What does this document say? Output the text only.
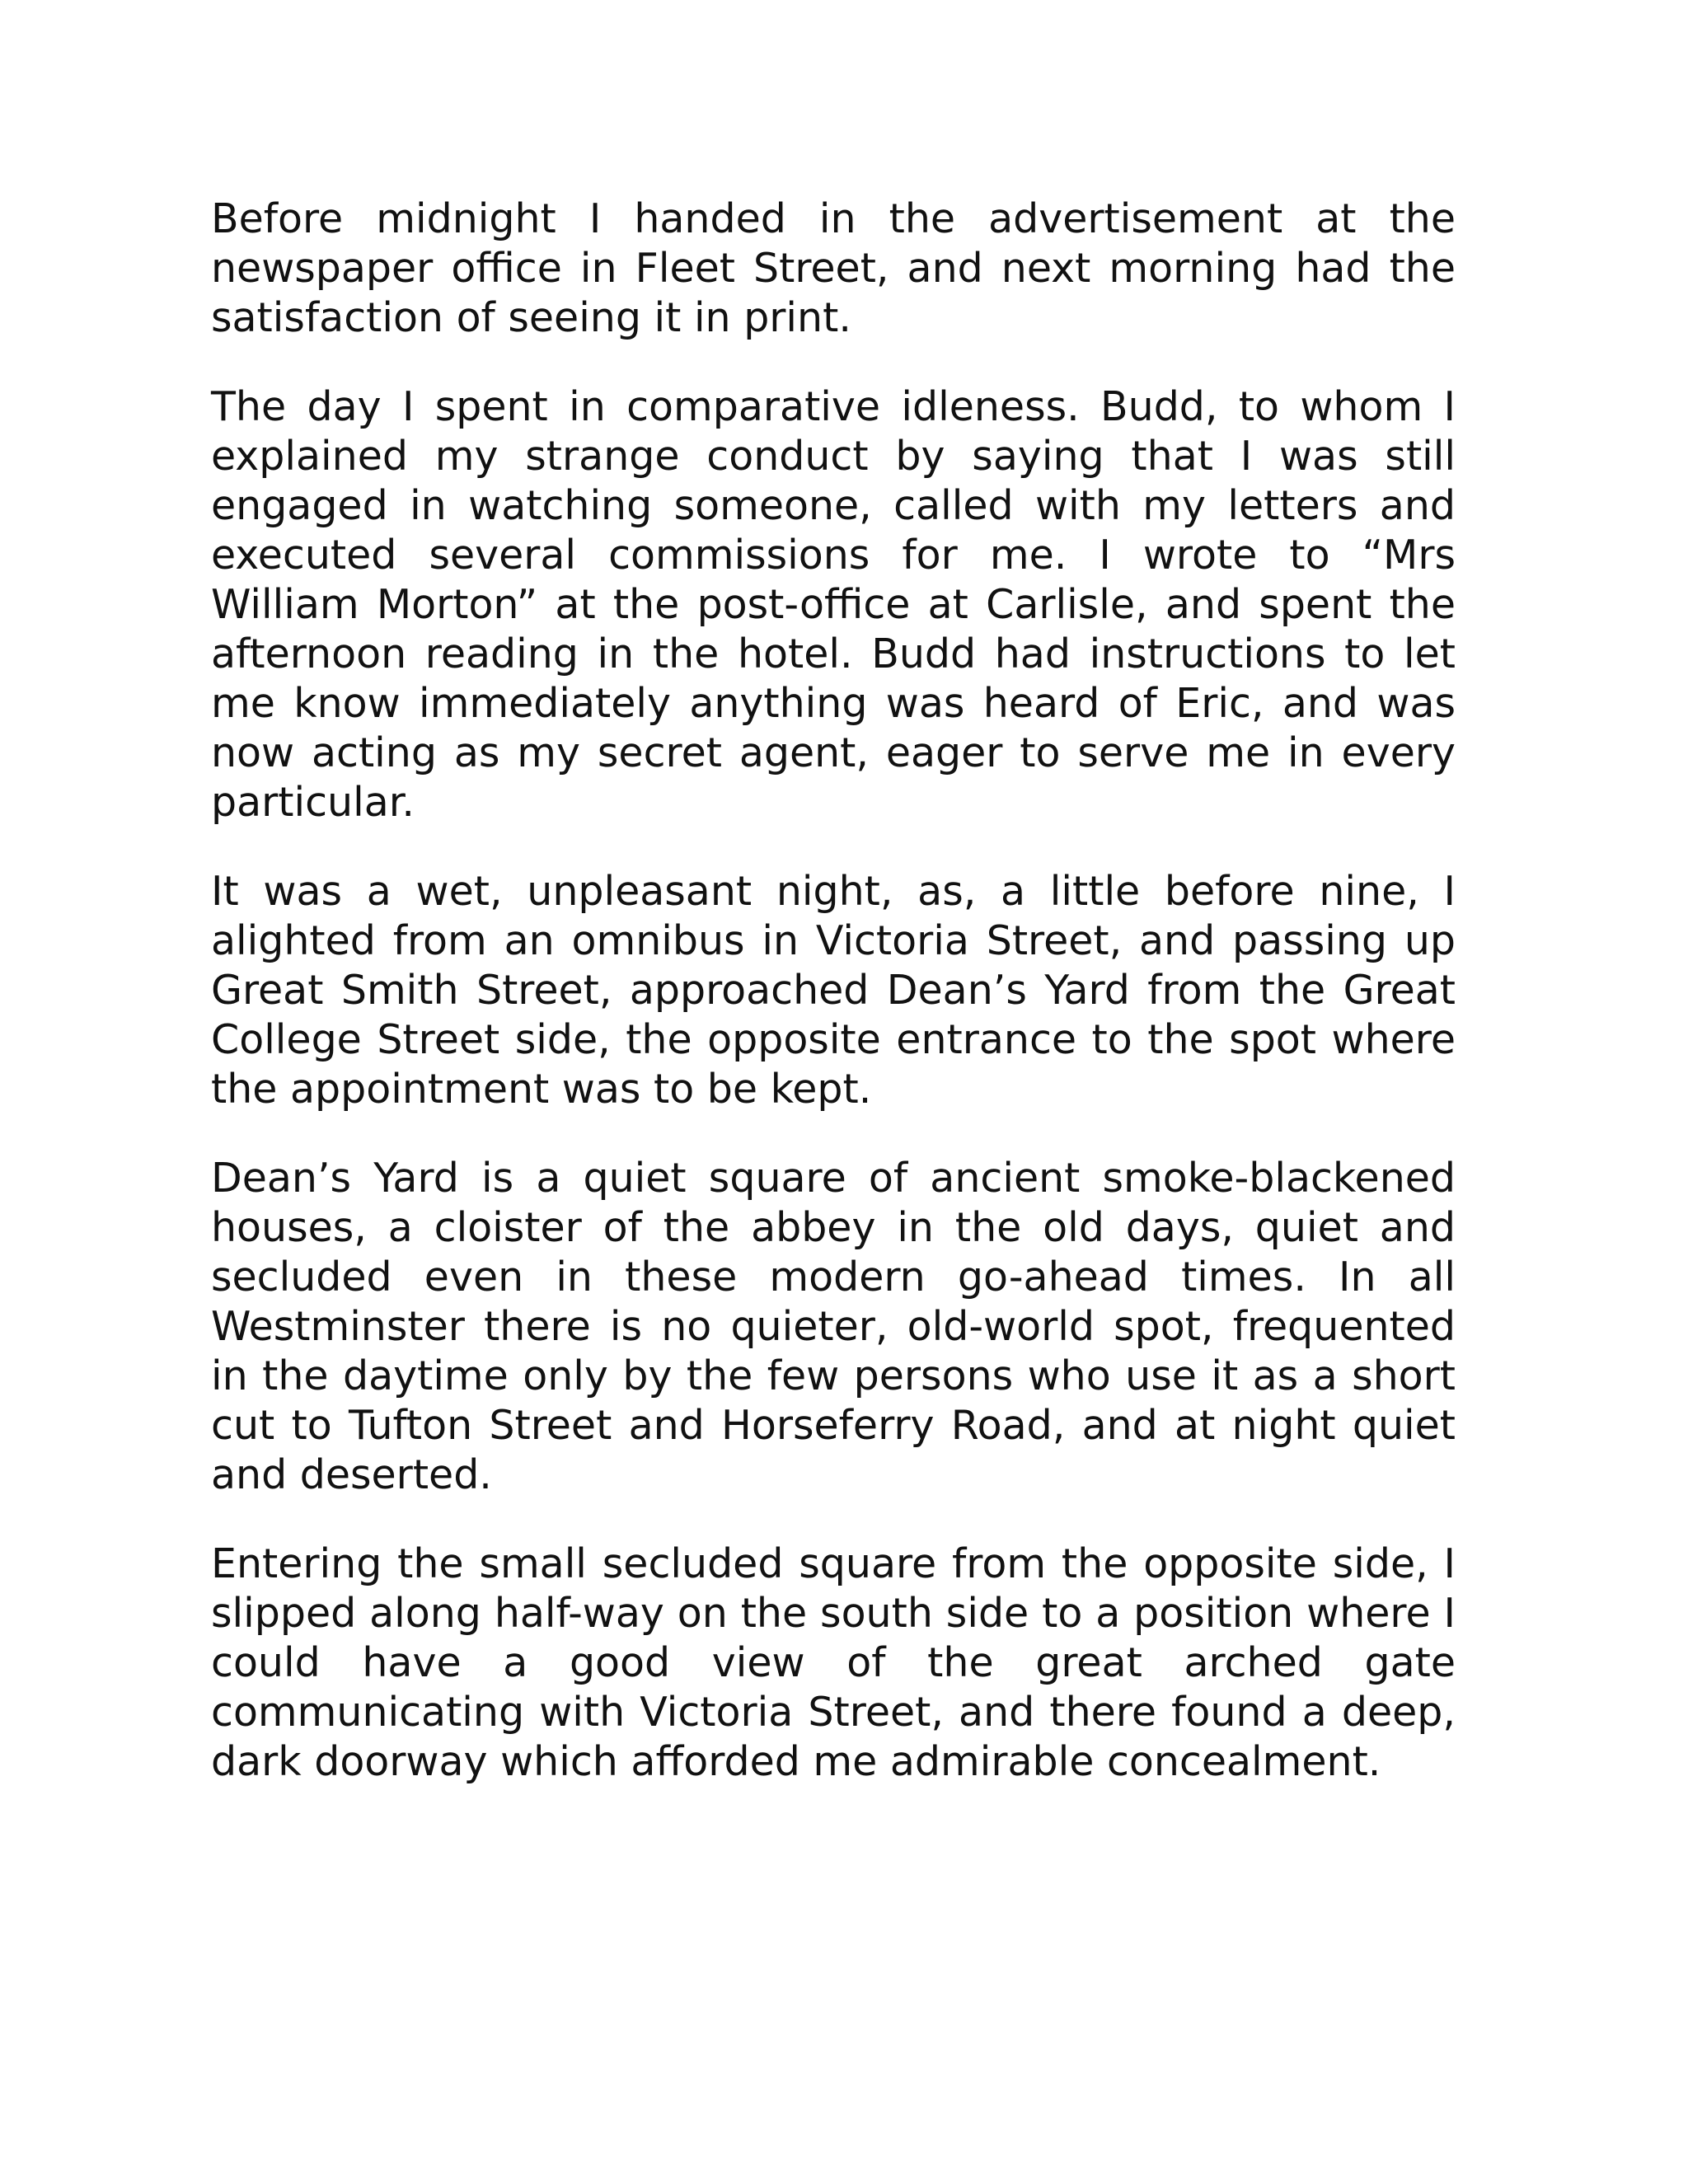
Before midnight I handed in the advertisement at the newspaper office in Fleet Street, and next morning had the satisfaction of seeing it in print.

The day I spent in comparative idleness. Budd, to whom I explained my strange conduct by saying that I was still engaged in watching someone, called with my letters and executed several commissions for me. I wrote to “Mrs William Morton” at the post-office at Carlisle, and spent the afternoon reading in the hotel. Budd had instructions to let me know immediately anything was heard of Eric, and was now acting as my secret agent, eager to serve me in every particular.

It was a wet, unpleasant night, as, a little before nine, I alighted from an omnibus in Victoria Street, and passing up Great Smith Street, approached Dean’s Yard from the Great College Street side, the opposite entrance to the spot where the appointment was to be kept.

Dean’s Yard is a quiet square of ancient smoke-blackened houses, a cloister of the abbey in the old days, quiet and secluded even in these modern go-ahead times. In all Westminster there is no quieter, old-world spot, frequented in the daytime only by the few persons who use it as a short cut to Tufton Street and Horseferry Road, and at night quiet and deserted.

Entering the small secluded square from the opposite side, I slipped along half-way on the south side to a position where I could have a good view of the great arched gate communicating with Victoria Street, and there found a deep, dark doorway which afforded me admirable concealment.
